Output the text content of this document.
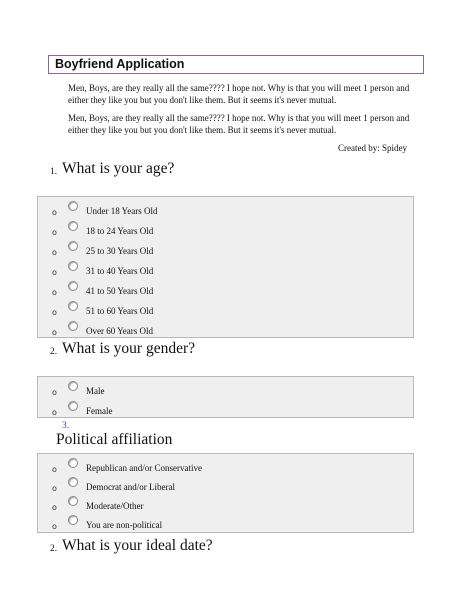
Boyfriend Application

Men, Boys, are they really all the same???? I hope not. Why is that you will meet 1 person and either they like you but you don't like them. But it seems it's never mutual.

Men, Boys, are they really all the same???? I hope not. Why is that you will meet 1 person and either they like you but you don't like them. But it seems it's never mutual.

Created by: Spidey
1. What is your age?
o	Under 18 Years Old
o	18 to 24 Years Old
o	25 to 30 Years Old
o	31 to 40 Years Old
o	41 to 50 Years Old
o	51 to 60 Years Old
o	Over 60 Years Old
2. What is your gender?
o	Male
o	Female
3.
Political affiliation
o	Republican and/or Conservative
o	Democrat and/or Liberal
o	Moderate/Other
o	You are non-political
2. What is your ideal date?
